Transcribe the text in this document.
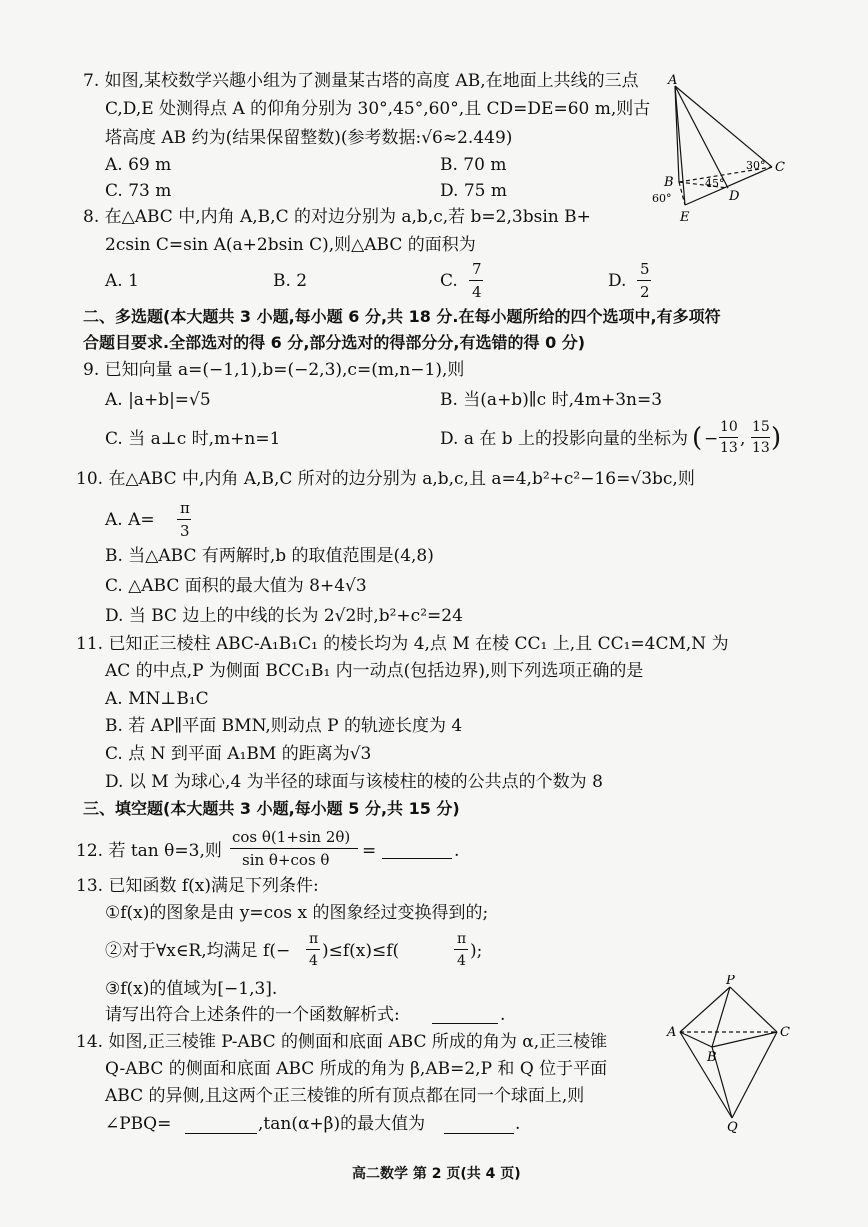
7. 如图,某校数学兴趣小组为了测量某古塔的高度 AB,在地面上共线的三点
C,D,E 处测得点 A 的仰角分别为 30°,45°,60°,且 CD=DE=60 m,则古
塔高度 AB 约为(结果保留整数)(参考数据:√6≈2.449)
A. 69 m	B. 70 m
C. 73 m	D. 75 m
A
B
C
D
E
30°
45°
60°
8. 在△ABC 中,内角 A,B,C 的对边分别为 a,b,c,若 b=2,3bsin B+
2csin C=sin A(a+2bsin C),则△ABC 的面积为
A. 1	B. 2	C.
7
4
D.
5
2
二、多选题(本大题共 3 小题,每小题 6 分,共 18 分.在每小题所给的四个选项中,有多项符
合题目要求.全部选对的得 6 分,部分选对的得部分分,有选错的得 0 分)
9. 已知向量 a=(−1,1),b=(−2,3),c=(m,n−1),则
A. |a+b|=√5	B. 当(a+b)∥c 时,4m+3n=3
C. 当 a⊥c 时,m+n=1	D. a 在 b 上的投影向量的坐标为 ( −
10
13 ,
15
13 )
10. 在△ABC 中,内角 A,B,C 所对的边分别为 a,b,c,且 a=4,b²+c²−16=√3bc,则
A. A=
π
3
B. 当△ABC 有两解时,b 的取值范围是(4,8)
C. △ABC 面积的最大值为 8+4√3
D. 当 BC 边上的中线的长为 2√2时,b²+c²=24
11. 已知正三棱柱 ABC-A₁B₁C₁ 的棱长均为 4,点 M 在棱 CC₁ 上,且 CC₁=4CM,N 为
AC 的中点,P 为侧面 BCC₁B₁ 内一动点(包括边界),则下列选项正确的是
A. MN⊥B₁C
B. 若 AP∥平面 BMN,则动点 P 的轨迹长度为 4
C. 点 N 到平面 A₁BM 的距离为√3
D. 以 M 为球心,4 为半径的球面与该棱柱的棱的公共点的个数为 8
三、填空题(本大题共 3 小题,每小题 5 分,共 15 分)
12. 若 tan θ=3,则
cos θ(1+sin 2θ)
sin θ+cos θ =	.
13. 已知函数 f(x)满足下列条件:
①f(x)的图象是由 y=cos x 的图象经过变换得到的;
②对于∀x∈R,均满足 f(−
π
4 )≤f(x)≤f(
π
4 );
③f(x)的值域为[−1,3].
请写出符合上述条件的一个函数解析式:	.
14. 如图,正三棱锥 P-ABC 的侧面和底面 ABC 所成的角为 α,正三棱锥
Q-ABC 的侧面和底面 ABC 所成的角为 β,AB=2,P 和 Q 位于平面
ABC 的异侧,且这两个正三棱锥的所有顶点都在同一个球面上,则
∠PBQ=	,tan(α+β)的最大值为	.
P
A
B
C
Q
高二数学 第 2 页(共 4 页)
